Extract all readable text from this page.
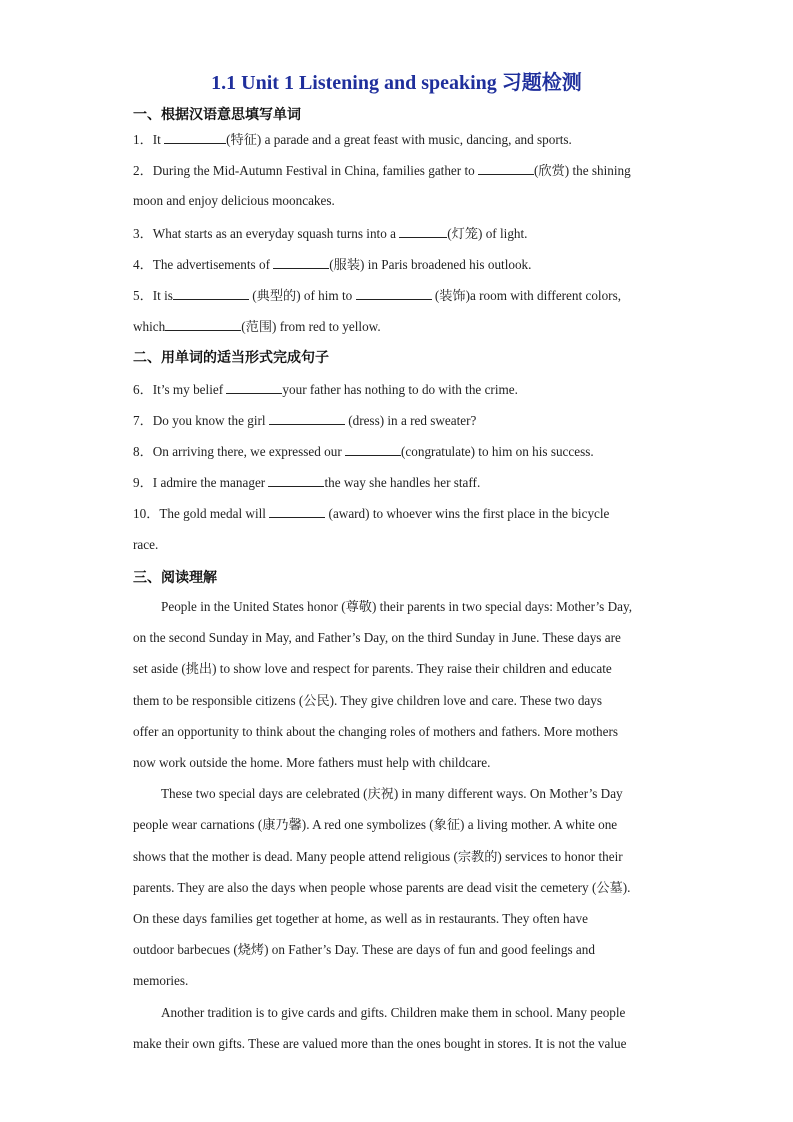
1.1 Unit 1 Listening and speaking 习题检测
一、根据汉语意思填写单词
1．It	(特征) a parade and a great feast with music, dancing, and sports.
2．During the Mid-Autumn Festival in China, families gather to	(欣赏) the shining
moon and enjoy delicious mooncakes.
3．What starts as an everyday squash turns into a	(灯笼) of light.
4．The advertisements of	(服装) in Paris broadened his outlook.
5．It is	(典型的) of him to	(装饰)a room with different colors,
which	(范围) from red to yellow.
二、用单词的适当形式完成句子
6．It’s my belief	your father has nothing to do with the crime.
7．Do you know the girl	(dress) in a red sweater?
8．On arriving there, we expressed our	(congratulate) to him on his success.
9．I admire the manager	the way she handles her staff.
10．The gold medal will	(award) to whoever wins the first place in the bicycle
race.
三、阅读理解
People in the United States honor (尊敬) their parents in two special days: Mother’s Day,
on the second Sunday in May, and Father’s Day, on the third Sunday in June. These days are
set aside (挑出) to show love and respect for parents. They raise their children and educate
them to be responsible citizens (公民). They give children love and care. These two days
offer an opportunity to think about the changing roles of mothers and fathers. More mothers
now work outside the home. More fathers must help with childcare.
These two special days are celebrated (庆祝) in many different ways. On Mother’s Day
people wear carnations (康乃馨). A red one symbolizes (象征) a living mother. A white one
shows that the mother is dead. Many people attend religious (宗教的) services to honor their
parents. They are also the days when people whose parents are dead visit the cemetery (公墓).
On these days families get together at home, as well as in restaurants. They often have
outdoor barbecues (烧烤) on Father’s Day. These are days of fun and good feelings and
memories.
Another tradition is to give cards and gifts. Children make them in school. Many people
make their own gifts. These are valued more than the ones bought in stores. It is not the value
